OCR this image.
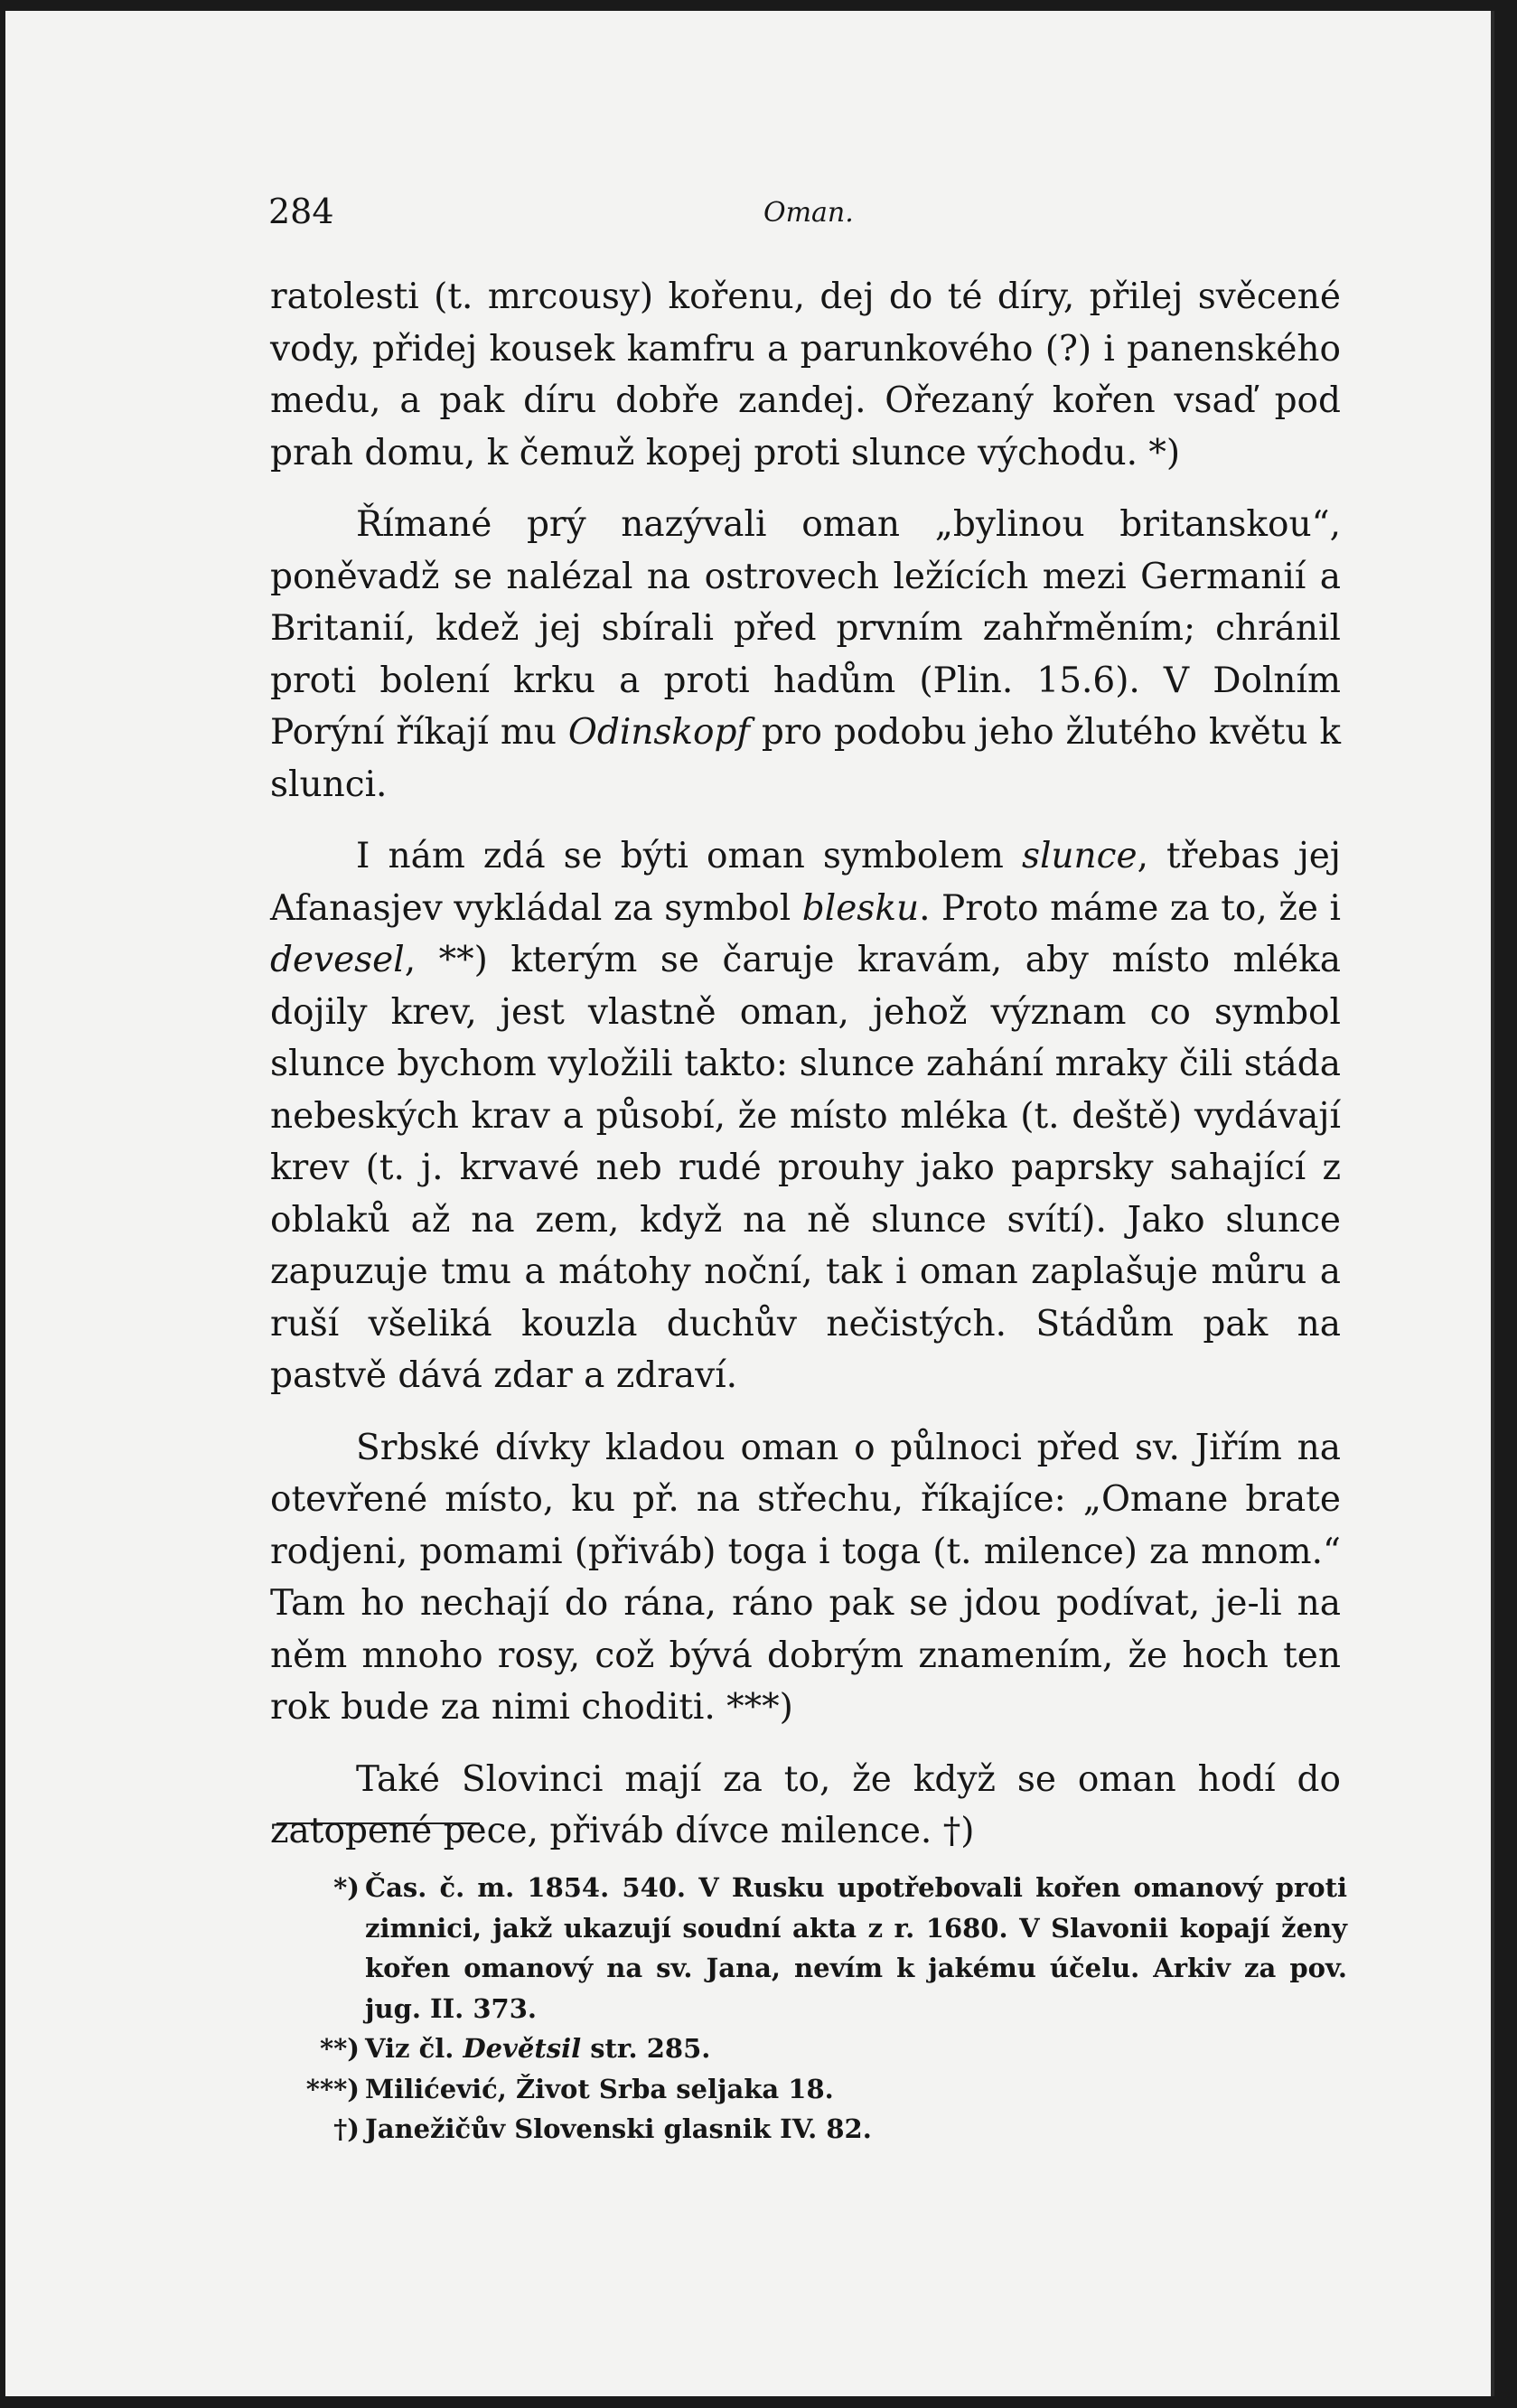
284	Oman.

ratolesti (t. mrcousy) kořenu, dej do té díry, přilej svěcené vody, přidej kousek kamfru a parunkového (?) i panenského medu, a pak díru dobře zandej. Ořezaný kořen vsaď pod prah domu, k čemuž kopej proti slunce východu. *)

Římané prý nazývali oman „bylinou britanskou“, poněvadž se nalézal na ostrovech ležících mezi Germanií a Britanií, kdež jej sbírali před prvním zahřměním; chránil proti bolení krku a proti hadům (Plin. 15.6). V Dolním Porýní říkají mu Odinskopf pro podobu jeho žlutého květu k slunci.

I nám zdá se býti oman symbolem slunce, třebas jej Afanasjev vykládal za symbol blesku. Proto máme za to, že i devesel, **) kterým se čaruje kravám, aby místo mléka dojily krev, jest vlastně oman, jehož význam co symbol slunce bychom vyložili takto: slunce zahání mraky čili stáda nebeských krav a působí, že místo mléka (t. deště) vydávají krev (t. j. krvavé neb rudé prouhy jako paprsky sahající z oblaků až na zem, když na ně slunce svítí). Jako slunce zapuzuje tmu a mátohy noční, tak i oman zaplašuje můru a ruší všeliká kouzla duchův nečistých. Stádům pak na pastvě dává zdar a zdraví.

Srbské dívky kladou oman o půlnoci před sv. Jiřím na otevřené místo, ku př. na střechu, říkajíce: „Omane brate rodjeni, pomami (přiváb) toga i toga (t. milence) za mnom.“ Tam ho nechají do rána, ráno pak se jdou podívat, je-li na něm mnoho rosy, což bývá dobrým znamením, že hoch ten rok bude za nimi choditi. ***)

Také Slovinci mají za to, že když se oman hodí do zatopené pece, přiváb dívce milence. †)

*) Čas. č. m. 1854. 540. V Rusku upotřebovali kořen omanový proti zimnici, jakž ukazují soudní akta z r. 1680. V Slavonii kopají ženy kořen omanový na sv. Jana, nevím k jakému účelu. Arkiv za pov. jug. II. 373.
**) Viz čl. Devětsil str. 285.
***) Milićević, Život Srba seljaka 18.
†) Janežičův Slovenski glasnik IV. 82.
